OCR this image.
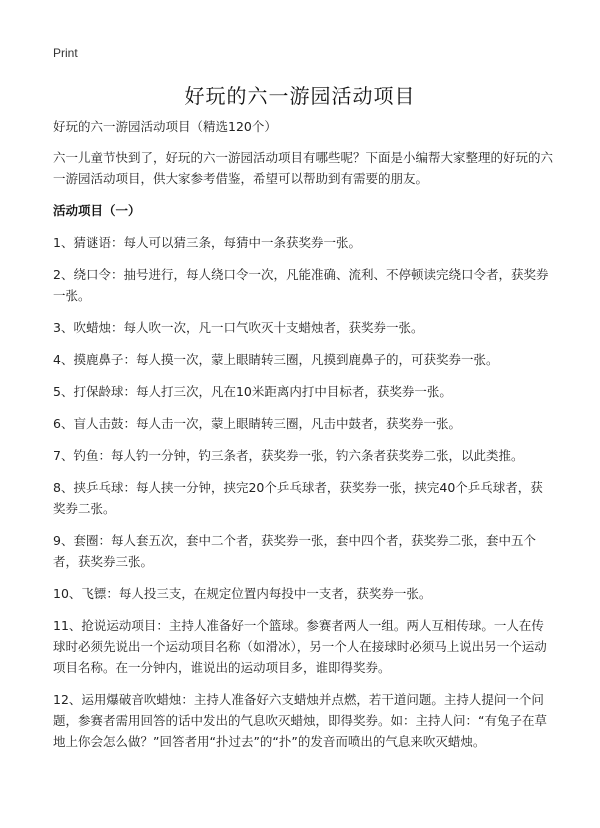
Print
好玩的六一游园活动项目

好玩的六一游园活动项目（精选120个）

六一儿童节快到了，好玩的六一游园活动项目有哪些呢？下面是小编帮大家整理的好玩的六一游园活动项目，供大家参考借鉴，希望可以帮助到有需要的朋友。

活动项目（一）

1、猜谜语：每人可以猜三条，每猜中一条获奖券一张。

2、绕口令：抽号进行，每人绕口令一次，凡能准确、流利、不停顿读完绕口令者，获奖券一张。

3、吹蜡烛：每人吹一次，凡一口气吹灭十支蜡烛者，获奖券一张。

4、摸鹿鼻子：每人摸一次，蒙上眼睛转三圈，凡摸到鹿鼻子的，可获奖券一张。

5、打保龄球：每人打三次，凡在10米距离内打中目标者，获奖券一张。

6、盲人击鼓：每人击一次，蒙上眼睛转三圈，凡击中鼓者，获奖券一张。

7、钓鱼：每人钓一分钟，钓三条者，获奖券一张，钓六条者获奖券二张，以此类推。

8、挟乒乓球：每人挟一分钟，挟完20个乒乓球者，获奖券一张，挟完40个乒乓球者，获奖券二张。

9、套圈：每人套五次，套中二个者，获奖券一张，套中四个者，获奖券二张，套中五个者，获奖券三张。

10、飞镖：每人投三支，在规定位置内每投中一支者，获奖券一张。

11、抢说运动项目：主持人准备好一个篮球。参赛者两人一组。两人互相传球。一人在传球时必须先说出一个运动项目名称（如滑冰），另一个人在接球时必须马上说出另一个运动项目名称。在一分钟内，谁说出的运动项目多，谁即得奖券。

12、运用爆破音吹蜡烛：主持人准备好六支蜡烛并点燃，若干道问题。主持人提问一个问题，参赛者需用回答的话中发出的气息吹灭蜡烛，即得奖券。如：主持人问：“有兔子在草地上你会怎么做？”回答者用“扑过去”的“扑”的发音而喷出的气息来吹灭蜡烛。
